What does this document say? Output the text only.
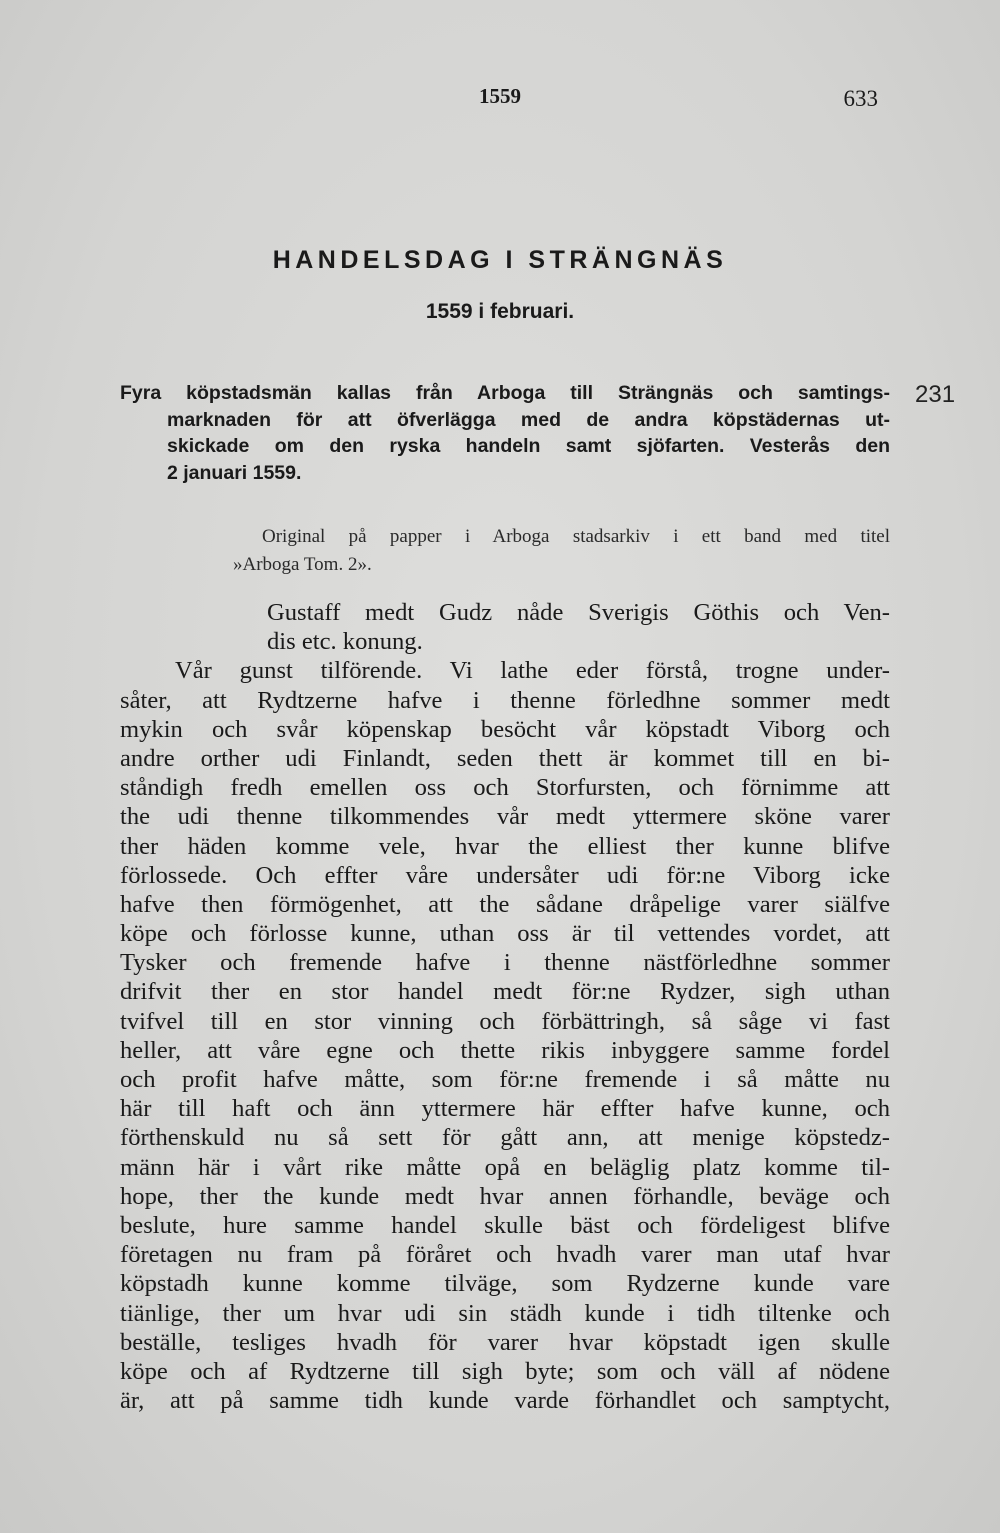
1559	633
HANDELSDAG I STRÄNGNÄS
1559 i februari.
231
Fyra köpstadsmän kallas från Arboga till Strängnäs och samtings-
marknaden för att öfverlägga med de andra köpstädernas ut-
skickade om den ryska handeln samt sjöfarten. Vesterås den
2 januari 1559.
Original på papper i Arboga stadsarkiv i ett band med titel
»Arboga Tom. 2».
Gustaff medt Gudz nåde Sverigis Göthis och Ven-
dis etc. konung.
Vår gunst tilförende. Vi lathe eder förstå, trogne under-
såter, att Rydtzerne hafve i thenne förledhne sommer medt
mykin och svår köpenskap besöcht vår köpstadt Viborg och
andre orther udi Finlandt, seden thett är kommet till en bi-
ståndigh fredh emellen oss och Storfursten, och förnimme att
the udi thenne tilkommendes vår medt yttermere sköne varer
ther häden komme vele, hvar the elliest ther kunne blifve
förlossede. Och effter våre undersåter udi för:ne Viborg icke
hafve then förmögenhet, att the sådane dråpelige varer siälfve
köpe och förlosse kunne, uthan oss är til vettendes vordet, att
Tysker och fremende hafve i thenne nästförledhne sommer
drifvit ther en stor handel medt för:ne Rydzer, sigh uthan
tvifvel till en stor vinning och förbättringh, så såge vi fast
heller, att våre egne och thette rikis inbyggere samme fordel
och profit hafve måtte, som för:ne fremende i så måtte nu
här till haft och änn yttermere här effter hafve kunne, och
förthenskuld nu så sett för gått ann, att menige köpstedz-
männ här i vårt rike måtte opå en beläglig platz komme til-
hope, ther the kunde medt hvar annen förhandle, beväge och
beslute, hure samme handel skulle bäst och fördeligest blifve
företagen nu fram på föråret och hvadh varer man utaf hvar
köpstadh kunne komme tilväge, som Rydzerne kunde vare
tiänlige, ther um hvar udi sin städh kunde i tidh tiltenke och
beställe, tesliges hvadh för varer hvar köpstadt igen skulle
köpe och af Rydtzerne till sigh byte; som och väll af nödene
är, att på samme tidh kunde varde förhandlet och samptycht,
